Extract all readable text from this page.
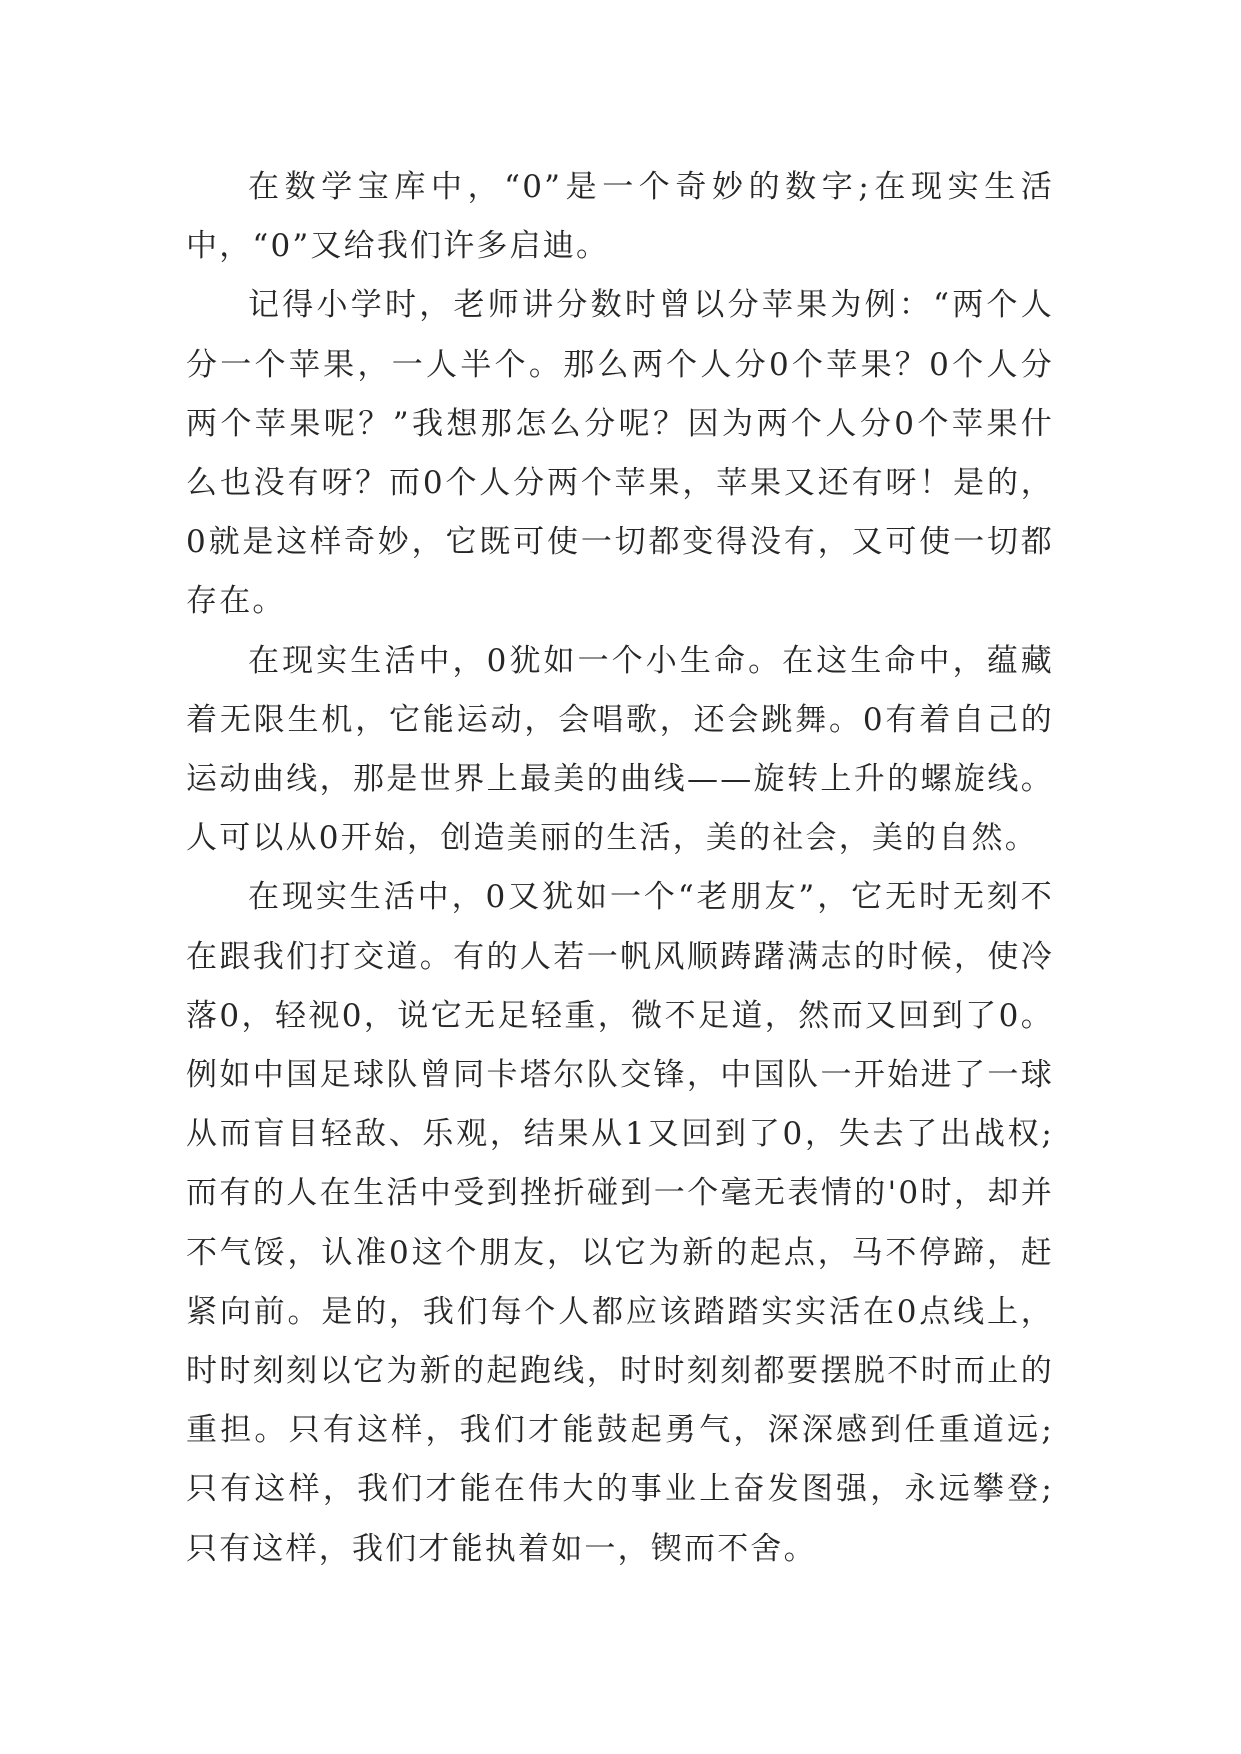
在数学宝库中，“0”是一个奇妙的数字;在现实生活中，“0”又给我们许多启迪。

记得小学时，老师讲分数时曾以分苹果为例：“两个人分一个苹果，一人半个。那么两个人分0个苹果？0个人分两个苹果呢？”我想那怎么分呢？因为两个人分0个苹果什么也没有呀？而0个人分两个苹果，苹果又还有呀！是的，0就是这样奇妙，它既可使一切都变得没有，又可使一切都存在。

在现实生活中，0犹如一个小生命。在这生命中，蕴藏着无限生机，它能运动，会唱歌，还会跳舞。0有着自己的运动曲线，那是世界上最美的曲线——旋转上升的螺旋线。人可以从0开始，创造美丽的生活，美的社会，美的自然。

在现实生活中，0又犹如一个“老朋友”，它无时无刻不在跟我们打交道。有的人若一帆风顺踌躇满志的时候，使冷落0，轻视0，说它无足轻重，微不足道，然而又回到了0。例如中国足球队曾同卡塔尔队交锋，中国队一开始进了一球从而盲目轻敌、乐观，结果从1又回到了0，失去了出战权;而有的人在生活中受到挫折碰到一个毫无表情的'0时，却并不气馁，认准0这个朋友，以它为新的起点，马不停蹄，赶紧向前。是的，我们每个人都应该踏踏实实活在0点线上，时时刻刻以它为新的起跑线，时时刻刻都要摆脱不时而止的重担。只有这样，我们才能鼓起勇气，深深感到任重道远;只有这样，我们才能在伟大的事业上奋发图强，永远攀登;只有这样，我们才能执着如一，锲而不舍。
